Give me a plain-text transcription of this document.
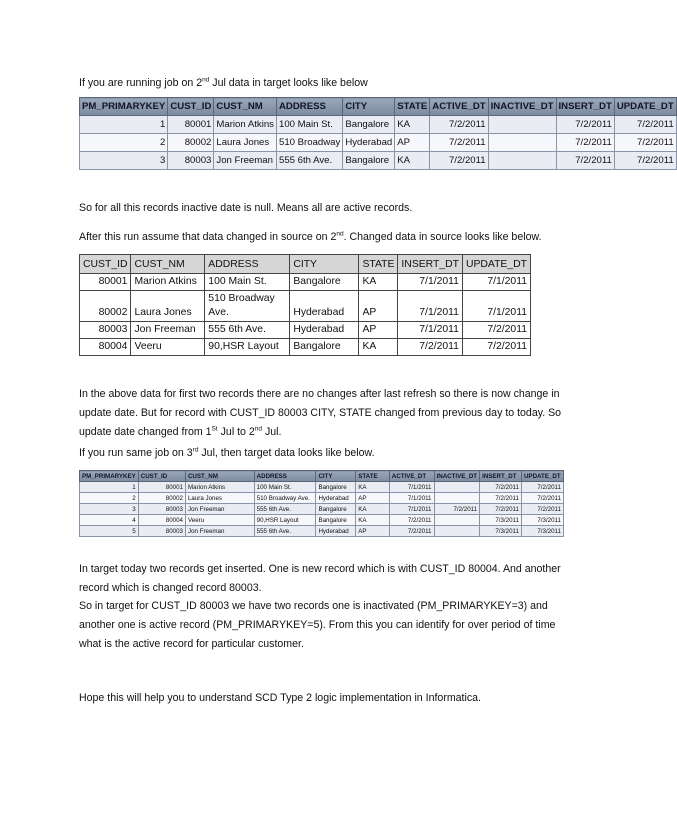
If you are running job on 2nd Jul data in target looks like below

PM_PRIMARYKEY	CUST_ID	CUST_NM	ADDRESS	CITY	STATE	ACTIVE_DT	INACTIVE_DT	INSERT_DT	UPDATE_DT
1	80001	Marion Atkins	100 Main St.	Bangalore	KA	7/2/2011		7/2/2011	7/2/2011
2	80002	Laura Jones	510 Broadway	Hyderabad	AP	7/2/2011		7/2/2011	7/2/2011
3	80003	Jon Freeman	555 6th Ave.	Bangalore	KA	7/2/2011		7/2/2011	7/2/2011

So for all this records inactive date is null. Means all are active records.

After this run assume that data changed in source on 2nd. Changed data in source looks like below.

CUST_ID	CUST_NM	ADDRESS	CITY	STATE	INSERT_DT	UPDATE_DT
80001	Marion Atkins	100 Main St.	Bangalore	KA	7/1/2011	7/1/2011
80002	Laura Jones	510 Broadway Ave.	Hyderabad	AP	7/1/2011	7/1/2011
80003	Jon Freeman	555 6th Ave.	Hyderabad	AP	7/1/2011	7/2/2011
80004	Veeru	90,HSR Layout	Bangalore	KA	7/2/2011	7/2/2011

In the above data for first two records there are no changes after last refresh so there is now change in update date. But for record with CUST_ID 80003 CITY, STATE changed from previous day to today. So update date changed from 1St Jul to 2nd Jul.

If you run same job on 3rd Jul, then target data looks like below.

PM_PRIMARYKEY	CUST_ID	CUST_NM	ADDRESS	CITY	STATE	ACTIVE_DT	INACTIVE_DT	INSERT_DT	UPDATE_DT
1	80001	Marion Atkins	100 Main St.	Bangalore	KA	7/1/2011		7/2/2011	7/2/2011
2	80002	Laura Jones	510 Broadway Ave.	Hyderabad	AP	7/1/2011		7/2/2011	7/2/2011
3	80003	Jon Freeman	555 6th Ave.	Bangalore	KA	7/1/2011	7/2/2011	7/2/2011	7/2/2011
4	80004	Veeru	90,HSR Layout	Bangalore	KA	7/2/2011		7/3/2011	7/3/2011
5	80003	Jon Freeman	555 6th Ave.	Hyderabad	AP	7/2/2011		7/3/2011	7/3/2011

In target today two records get inserted. One is new record which is with CUST_ID 80004. And another record which is changed record 80003.

So in target for CUST_ID 80003 we have two records one is inactivated (PM_PRIMARYKEY=3) and another one is active record (PM_PRIMARYKEY=5). From this you can identify for over period of time what is the active record for particular customer.

Hope this will help you to understand SCD Type 2 logic implementation in Informatica.
